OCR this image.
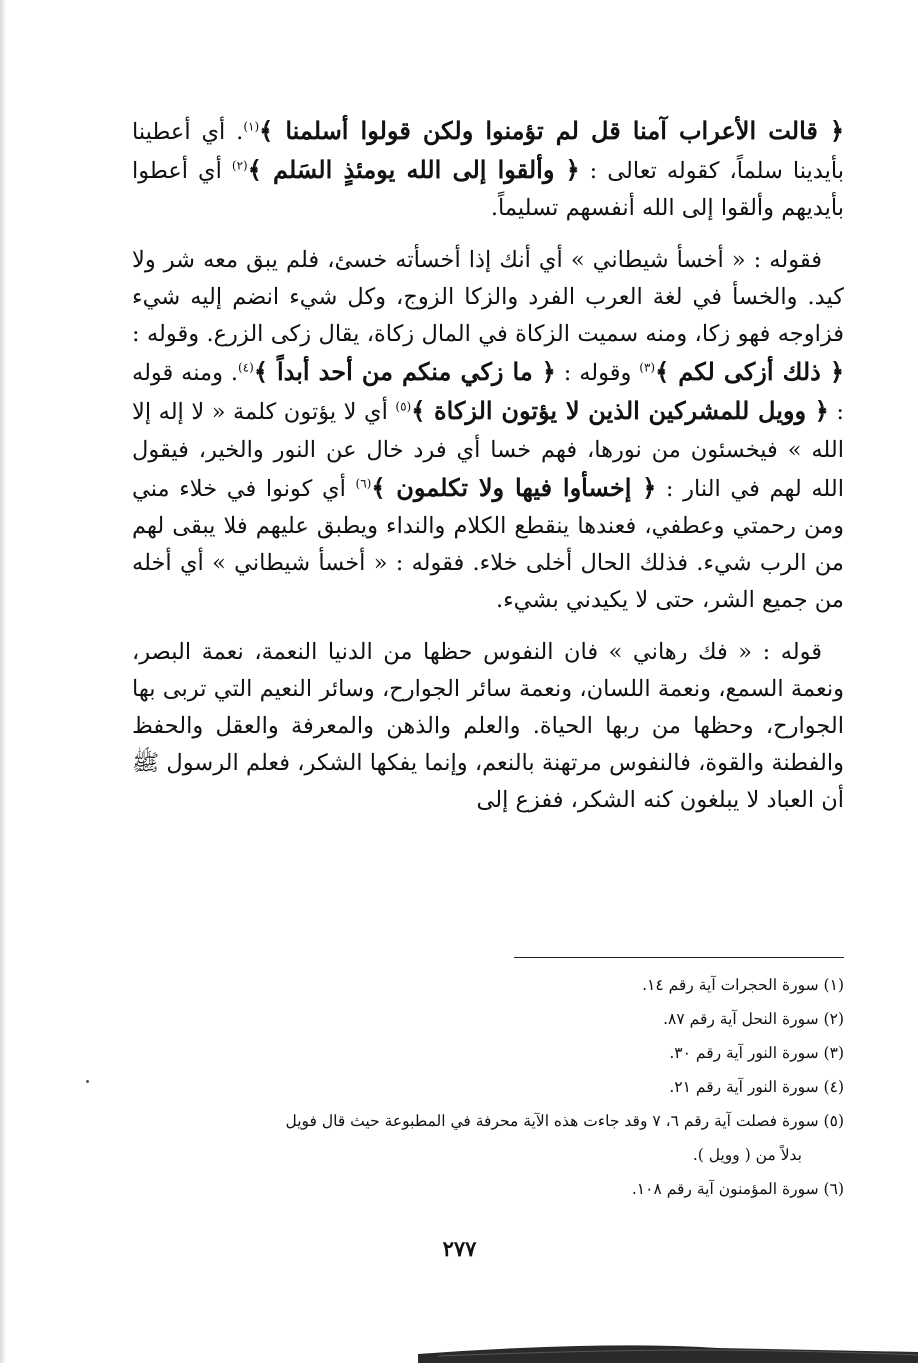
﴿ قالت الأعراب آمنا قل لم تؤمنوا ولكن قولوا أسلمنا ﴾$^{(١)}$. أي أعطينا بأيدينا سلماً، كقوله تعالى : ﴿ وألقوا إلى الله يومئذٍ السَلم ﴾$^{(٢)}$ أي أعطوا بأيديهم وألقوا إلى الله أنفسهم تسليماً.

فقوله : « أخسأ شيطاني » أي أنك إذا أخسأته خسئ، فلم يبق معه شر ولا كيد. والخسأ في لغة العرب الفرد والزكا الزوج، وكل شيء انضم إليه شيء فزاوجه فهو زكا، ومنه سميت الزكاة في المال زكاة، يقال زكى الزرع. وقوله : ﴿ ذلك أزكى لكم ﴾$^{(٣)}$ وقوله : ﴿ ما زكي منكم من أحد أبداً ﴾$^{(٤)}$. ومنه قوله : ﴿ وويل للمشركين الذين لا يؤتون الزكاة ﴾$^{(٥)}$ أي لا يؤتون كلمة « لا إله إلا الله » فيخسئون من نورها، فهم خسا أي فرد خال عن النور والخير، فيقول الله لهم في النار : ﴿ إخسأوا فيها ولا تكلمون ﴾$^{(٦)}$ أي كونوا في خلاء مني ومن رحمتي وعطفي، فعندها ينقطع الكلام والنداء ويطبق عليهم فلا يبقى لهم من الرب شيء. فذلك الحال أخلى خلاء. فقوله : « أخسأ شيطاني » أي أخله من جميع الشر، حتى لا يكيدني بشيء.

قوله : « فك رهاني » فان النفوس حظها من الدنيا النعمة، نعمة البصر، ونعمة السمع، ونعمة اللسان، ونعمة سائر الجوارح، وسائر النعيم التي تربى بها الجوارح، وحظها من ربها الحياة. والعلم والذهن والمعرفة والعقل والحفظ والفطنة والقوة، فالنفوس مرتهنة بالنعم، وإنما يفكها الشكر، فعلم الرسول ﷺ أن العباد لا يبلغون كنه الشكر، ففزع إلى

(١) سورة الحجرات آية رقم ١٤.

(٢) سورة النحل آية رقم ٨٧.

(٣) سورة النور آية رقم ٣٠.

(٤) سورة النور آية رقم ٢١.

(٥) سورة فصلت آية رقم ٦، ٧ وقد جاءت هذه الآية محرفة في المطبوعة حيث قال فويل

بدلاً من ( وويل ).

(٦) سورة المؤمنون آية رقم ١٠٨.

٢٧٧
